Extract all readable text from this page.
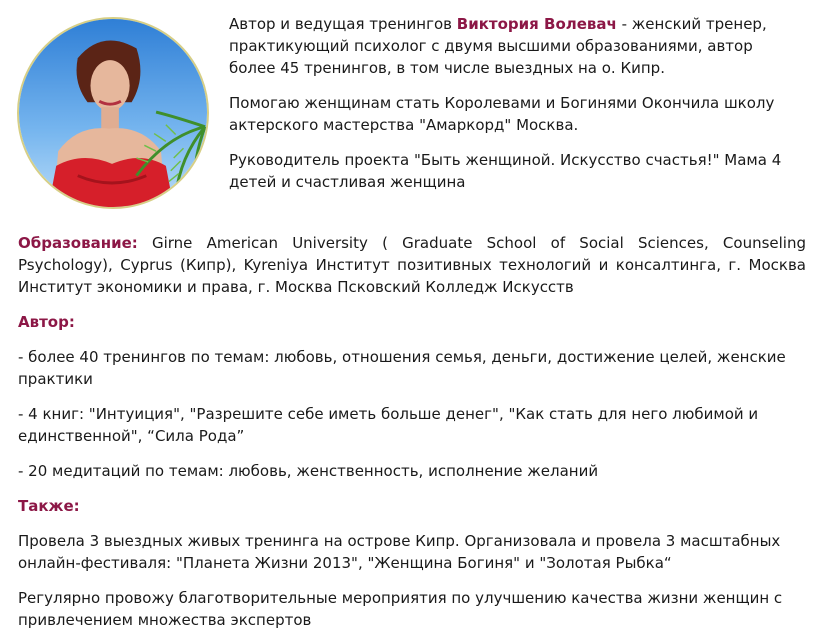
Автор и ведущая тренингов Виктория Волевач - женский тренер, практикующий психолог с двумя высшими образованиями, автор более 45 тренингов, в том числе выездных на о. Кипр.

Помогаю женщинам стать Королевами и Богинями Окончила школу актерского мастерства "Амаркорд" Москва.

Руководитель проекта "Быть женщиной. Искусство счастья!" Мама 4 детей и счастливая женщина

Образование: Girne American University ( Graduate School of Social Sciences, Counseling Psychology), Cyprus (Кипр), Kyreniya Институт позитивных технологий и консалтинга, г. Москва Институт экономики и права, г. Москва Псковский Колледж Искусств

Автор:

- более 40 тренингов по темам: любовь, отношения семья, деньги, достижение целей, женские практики

- 4 книг: "Интуиция", "Разрешите себе иметь больше денег", "Как стать для него любимой и единственной", “Сила Рода”

- 20 медитаций по темам: любовь, женственность, исполнение желаний

Также:

Провела 3 выездных живых тренинга на острове Кипр. Организовала и провела 3 масштабных онлайн-фестиваля: "Планета Жизни 2013", "Женщина Богиня" и "Золотая Рыбка“

Регулярно провожу благотворительные мероприятия по улучшению качества жизни женщин с привлечением множества экспертов
